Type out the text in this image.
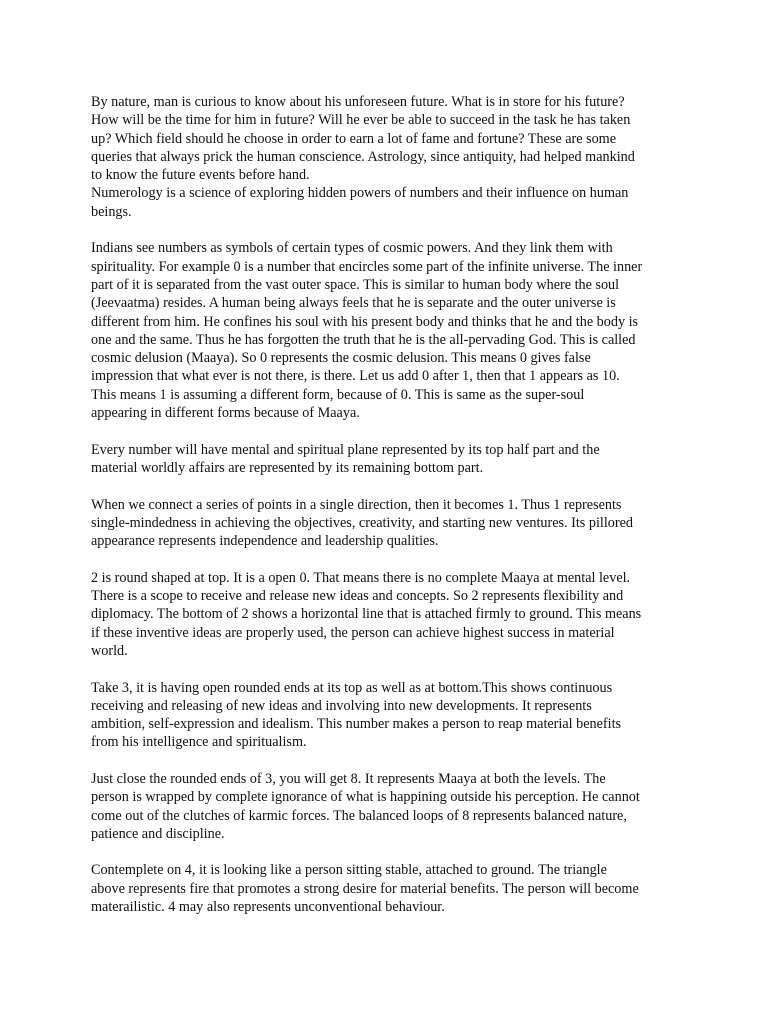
By nature, man is curious to know about his unforeseen future. What is in store for his future?
How will be the time for him in future? Will he ever be able to succeed in the task he has taken
up? Which field should he choose in order to earn a lot of fame and fortune? These are some
queries that always prick the human conscience. Astrology, since antiquity, had helped mankind
to know the future events before hand.

Numerology is a science of exploring hidden powers of numbers and their influence on human
beings.

Indians see numbers as symbols of certain types of cosmic powers. And they link them with
spirituality. For example 0 is a number that encircles some part of the infinite universe. The inner
part of it is separated from the vast outer space. This is similar to human body where the soul
(Jeevaatma) resides. A human being always feels that he is separate and the outer universe is
different from him. He confines his soul with his present body and thinks that he and the body is
one and the same. Thus he has forgotten the truth that he is the all-pervading God. This is called
cosmic delusion (Maaya). So 0 represents the cosmic delusion. This means 0 gives false
impression that what ever is not there, is there. Let us add 0 after 1, then that 1 appears as 10.
This means 1 is assuming a different form, because of 0. This is same as the super-soul
appearing in different forms because of Maaya.

Every number will have mental and spiritual plane represented by its top half part and the
material worldly affairs are represented by its remaining bottom part.

When we connect a series of points in a single direction, then it becomes 1. Thus 1 represents
single-mindedness in achieving the objectives, creativity, and starting new ventures. Its pillored
appearance represents independence and leadership qualities.

2 is round shaped at top. It is a open 0. That means there is no complete Maaya at mental level.
There is a scope to receive and release new ideas and concepts. So 2 represents flexibility and
diplomacy. The bottom of 2 shows a horizontal line that is attached firmly to ground. This means
if these inventive ideas are properly used, the person can achieve highest success in material
world.

Take 3, it is having open rounded ends at its top as well as at bottom.This shows continuous
receiving and releasing of new ideas and involving into new developments. It represents
ambition, self-expression and idealism. This number makes a person to reap material benefits
from his intelligence and spiritualism.

Just close the rounded ends of 3, you will get 8. It represents Maaya at both the levels. The
person is wrapped by complete ignorance of what is happining outside his perception. He cannot
come out of the clutches of karmic forces. The balanced loops of 8 represents balanced nature,
patience and discipline.

Contemplete on 4, it is looking like a person sitting stable, attached to ground. The triangle
above represents fire that promotes a strong desire for material benefits. The person will become
materailistic. 4 may also represents unconventional behaviour.
